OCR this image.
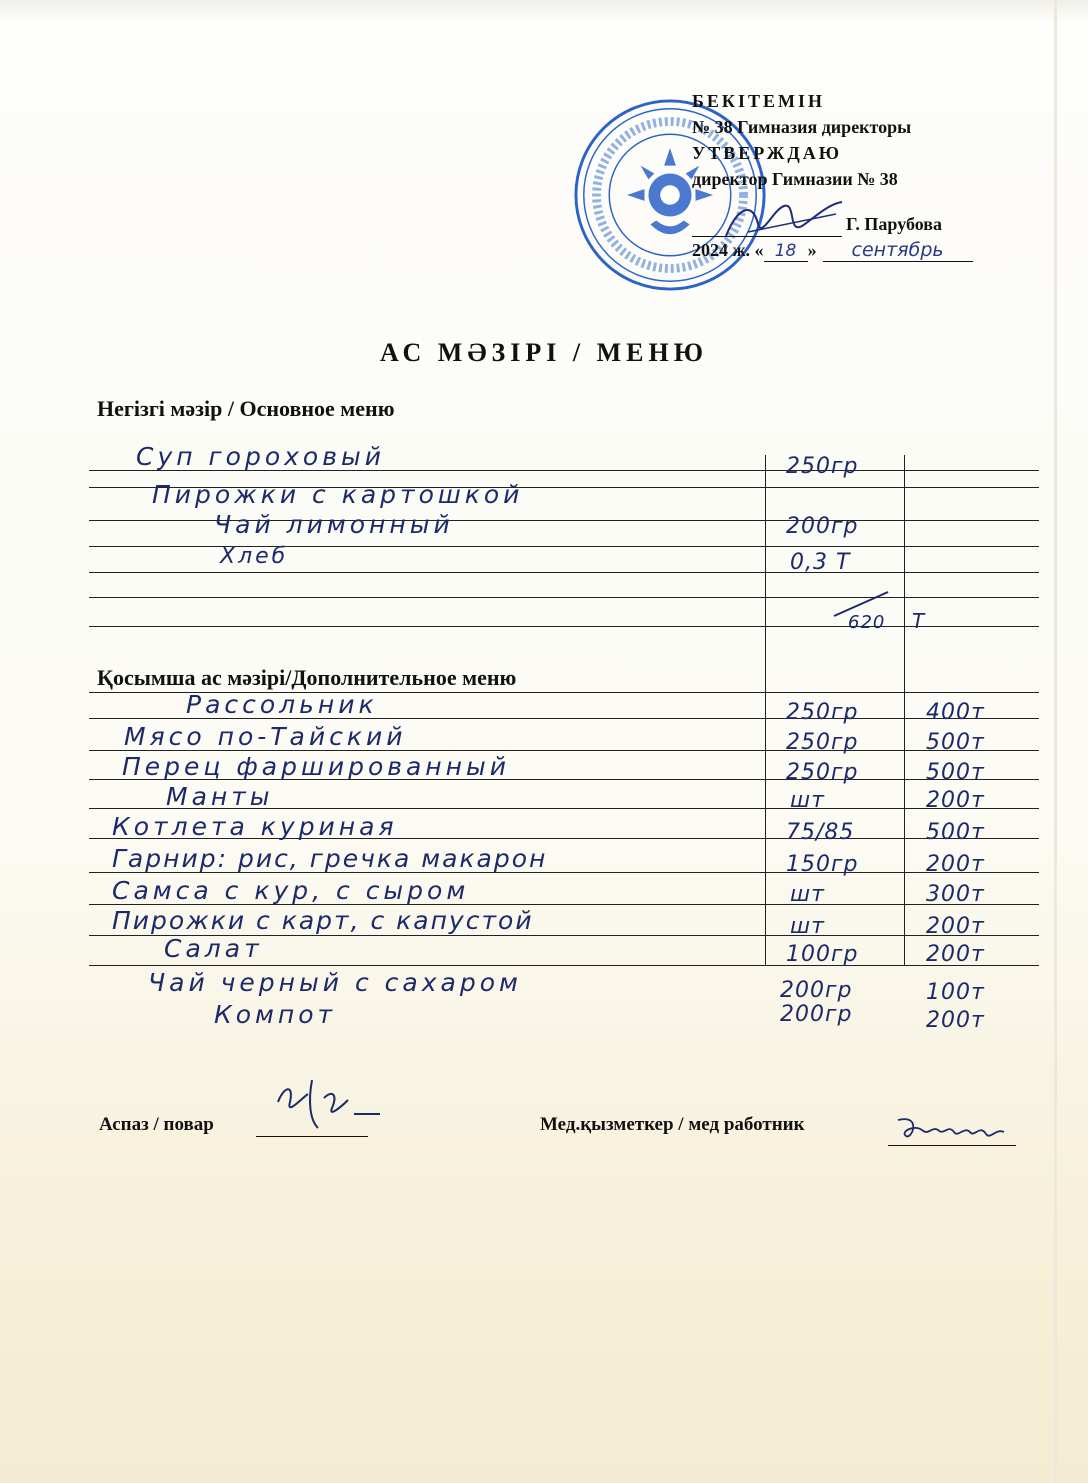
БЕКІТЕМІН
№ 38 Гимназия директоры
УТВЕРЖДАЮ
директор Гимназии № 38
Г. Парубова
2024 ж. « 18 » сентябрь
АС МӘЗІРІ / МЕНЮ
Негізгі мәзір / Основное меню
Суп гороховый	250гр
Пирожки с картошкой
Чай лимонный	200гр
Хлеб	0,3 Т
620 Т
Қосымша ас мәзірі/Дополнительное меню
Рассольник	250гр	400т
Мясо по-Тайский	250гр	500т
Перец фаршированный	250гр	500т
Манты	шт	200т
Котлета куриная	75/85	500т
Гарнир: рис, гречка макарон	150гр	200т
Самса с кур, с сыром	шт	300т
Пирожки с карт, с капустой	шт	200т
Салат	100гр	200т
Чай черный с сахаром	200гр	100т
Компот	200гр	200т
Аспаз / повар	Мед.қызметкер / мед работник
